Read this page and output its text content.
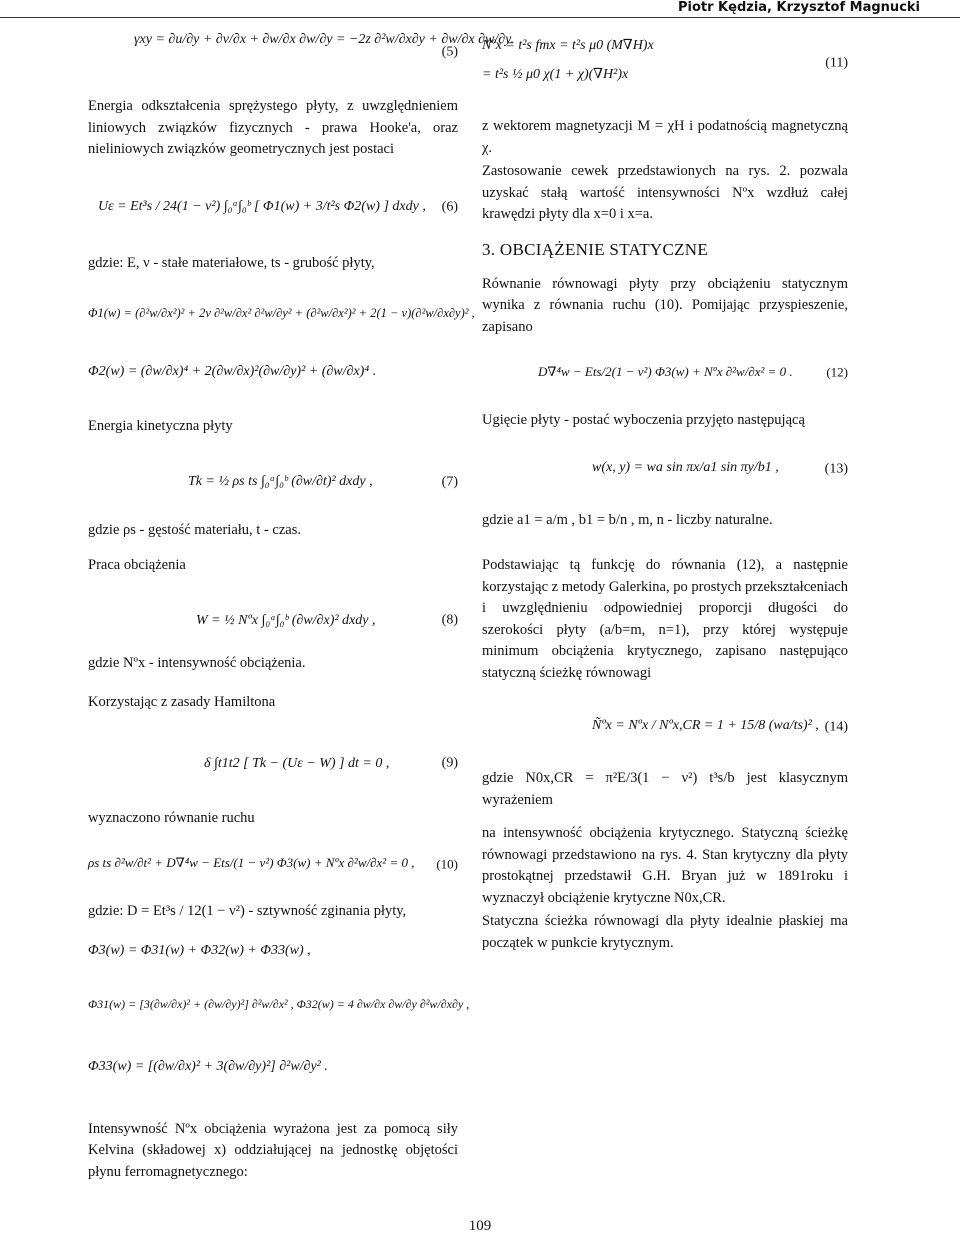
Piotr Kędzia, Krzysztof Magnucki
γxy = ∂u/∂y + ∂v/∂x + ∂w/∂x ∂w/∂y = −2z ∂²w/∂x∂y + ∂w/∂x ∂w/∂y.
(5)

Energia odkształcenia sprężystego płyty, z uwzględnieniem liniowych związków fizycznych - prawa Hooke'a, oraz nieliniowych związków geometrycznych jest postaci

Uε = Et³s / 24(1 − ν²) ∫₀ᵃ∫₀ᵇ [ Φ1(w) + 3/t²s Φ2(w) ] dxdy , (6)

gdzie: E, ν - stałe materiałowe, ts - grubość płyty,

Φ1(w) = (∂²w/∂x²)² + 2ν ∂²w/∂x² ∂²w/∂y² + (∂²w/∂x²)² + 2(1 − ν)(∂²w/∂x∂y)² ,
Φ2(w) = (∂w/∂x)⁴ + 2(∂w/∂x)²(∂w/∂y)² + (∂w/∂x)⁴ .

Energia kinetyczna płyty

Tk = ½ ρs ts ∫₀ᵃ∫₀ᵇ (∂w/∂t)² dxdy ,	(7)

gdzie ρs - gęstość materiału, t - czas.

Praca obciążenia

W = ½ Nºx ∫₀ᵃ∫₀ᵇ (∂w/∂x)² dxdy ,	(8)

gdzie Nºx - intensywność obciążenia.

Korzystając z zasady Hamiltona

δ ∫t1t2 [ Tk − (Uε − W) ] dt = 0 ,	(9)

wyznaczono równanie ruchu

ρs ts ∂²w/∂t² + D∇⁴w − Ets/(1 − ν²) Φ3(w) + Nºx ∂²w/∂x² = 0 , (10)

gdzie: D = Et³s / 12(1 − ν²) - sztywność zginania płyty,

Φ3(w) = Φ31(w) + Φ32(w) + Φ33(w) ,
Φ31(w) = [3(∂w/∂x)² + (∂w/∂y)²] ∂²w/∂x² , Φ32(w) = 4 ∂w/∂x ∂w/∂y ∂²w/∂x∂y ,
Φ33(w) = [(∂w/∂x)² + 3(∂w/∂y)²] ∂²w/∂y² .

Intensywność Nºx obciążenia wyrażona jest za pomocą siły Kelvina (składowej x) oddziałującej na jednostkę objętości płynu ferromagnetycznego:

Nºx = t²s fmx = t²s μ0 (M∇H)x
= t²s ½ μ0 χ(1 + χ)(∇H²)x
(11)

z wektorem magnetyzacji M = χH i podatnością magnetyczną χ.

Zastosowanie cewek przedstawionych na rys. 2. pozwala uzyskać stałą wartość intensywności Nºx wzdłuż całej krawędzi płyty dla x=0 i x=a.

3. OBCIĄŻENIE STATYCZNE

Równanie równowagi płyty przy obciążeniu statycznym wynika z równania ruchu (10). Pomijając przyspieszenie, zapisano

D∇⁴w − Ets/2(1 − ν²) Φ3(w) + Nºx ∂²w/∂x² = 0 .	(12)

Ugięcie płyty - postać wyboczenia przyjęto następującą

w(x, y) = wa sin πx/a1 sin πy/b1 ,	(13)

gdzie a1 = a/m , b1 = b/n , m, n - liczby naturalne.

Podstawiając tą funkcję do równania (12), a następnie korzystając z metody Galerkina, po prostych przekształceniach i uwzględnieniu odpowiedniej proporcji długości do szerokości płyty (a/b=m, n=1), przy której występuje minimum obciążenia krytycznego, zapisano następująco statyczną ścieżkę równowagi

Ñºx = Nºx / Nºx,CR = 1 + 15/8 (wa/ts)² , (14)

gdzie N0x,CR = π²E/3(1 − ν²) t³s/b jest klasycznym wyrażeniem

na intensywność obciążenia krytycznego. Statyczną ścieżkę równowagi przedstawiono na rys. 4. Stan krytyczny dla płyty prostokątnej przedstawił G.H. Bryan już w 1891roku i wyznaczył obciążenie krytyczne N0x,CR.

Statyczna ścieżka równowagi dla płyty idealnie płaskiej ma początek w punkcie krytycznym.

109
